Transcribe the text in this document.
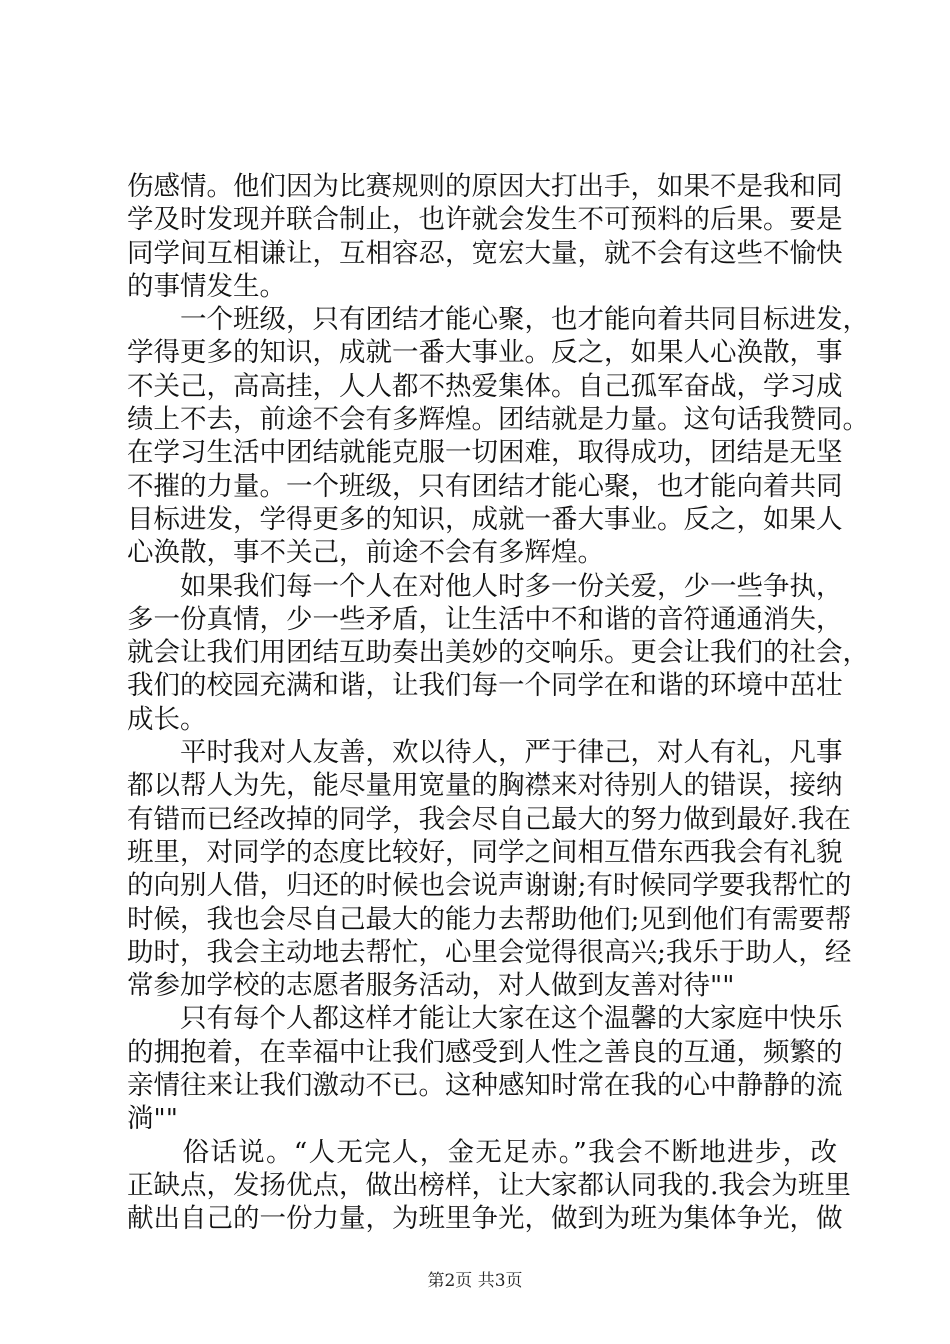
伤感情。他们因为比赛规则的原因大打出手，如果不是我和同
学及时发现并联合制止，也许就会发生不可预料的后果。要是
同学间互相谦让，互相容忍，宽宏大量，就不会有这些不愉快
的事情发生。
　　一个班级，只有团结才能心聚，也才能向着共同目标进发，
学得更多的知识，成就一番大事业。反之，如果人心涣散，事
不关己，高高挂，人人都不热爱集体。自己孤军奋战，学习成
绩上不去，前途不会有多辉煌。团结就是力量。这句话我赞同。
在学习生活中团结就能克服一切困难，取得成功，团结是无坚
不摧的力量。一个班级，只有团结才能心聚，也才能向着共同
目标进发，学得更多的知识，成就一番大事业。反之，如果人
心涣散，事不关己，前途不会有多辉煌。
　　如果我们每一个人在对他人时多一份关爱，少一些争执，
多一份真情，少一些矛盾，让生活中不和谐的音符通通消失，
就会让我们用团结互助奏出美妙的交响乐。更会让我们的社会，
我们的校园充满和谐，让我们每一个同学在和谐的环境中茁壮
成长。
　　平时我对人友善，欢以待人，严于律己，对人有礼，凡事
都以帮人为先，能尽量用宽量的胸襟来对待别人的错误，接纳
有错而已经改掉的同学，我会尽自己最大的努力做到最好.我在
班里，对同学的态度比较好，同学之间相互借东西我会有礼貌
的向别人借，归还的时候也会说声谢谢;有时候同学要我帮忙的
时候，我也会尽自己最大的能力去帮助他们;见到他们有需要帮
助时，我会主动地去帮忙，心里会觉得很高兴;我乐于助人，经
常参加学校的志愿者服务活动，对人做到友善对待""
　　只有每个人都这样才能让大家在这个温馨的大家庭中快乐
的拥抱着，在幸福中让我们感受到人性之善良的互通，频繁的
亲情往来让我们激动不已。这种感知时常在我的心中静静的流
淌""
　　俗话说。“人无完人，金无足赤。”我会不断地进步，改
正缺点，发扬优点，做出榜样，让大家都认同我的.我会为班里
献出自己的一份力量，为班里争光，做到为班为集体争光，做
第2页 共3页
